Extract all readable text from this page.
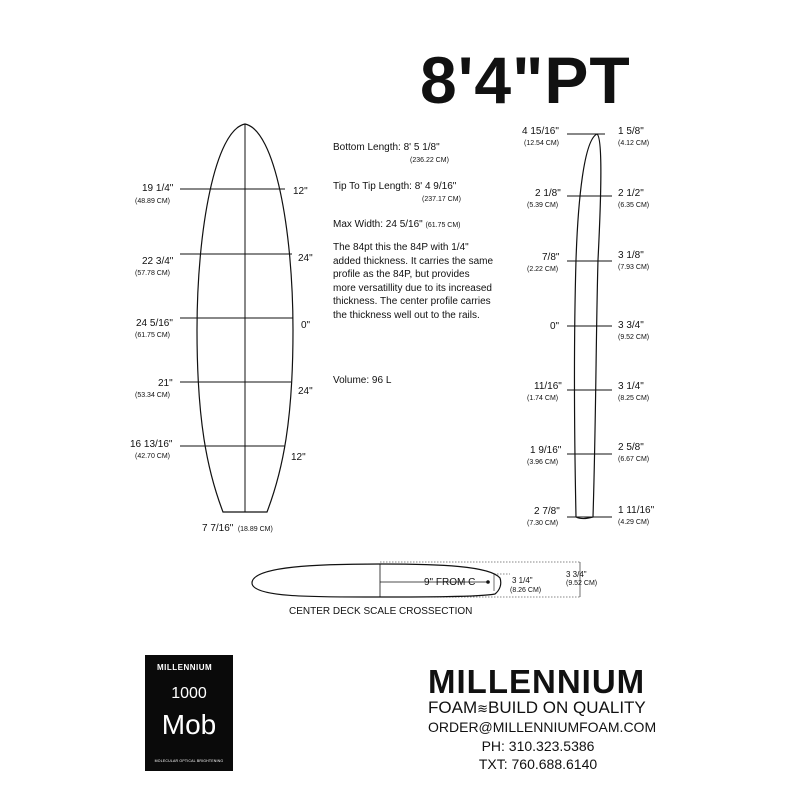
8'4"PT
19 1/4"
(48.89 CM)
12"
22 3/4"
(57.78 CM)
24"
24 5/16"
(61.75 CM)
0"
21"
(53.34 CM)	24"
16 13/16"
(42.70 CM)	12"
7 7/16" (18.89 CM)
Bottom Length: 8' 5 1/8"
(236.22 CM)
Tip To Tip Length: 8' 4 9/16"
(237.17 CM)
Max Width: 24 5/16" (61.75 CM)
The 84pt this the 84P with 1/4"
added thickness. It carries the same
profile as the 84P, but provides
more versatillity due to its increased
thickness. The center profile carries
the thickness well out to the rails.
Volume: 96 L
4 15/16"
(12.54 CM)
2 1/8"
(5.39 CM)
7/8"
(2.22 CM)
0"
11/16"
(1.74 CM)
1 9/16"
(3.96 CM)
2 7/8"
(7.30 CM)
1 5/8"
(4.12 CM)
2 1/2"
(6.35 CM)
3 1/8"
(7.93 CM)
3 3/4"
(9.52 CM)
3 1/4"
(8.25 CM)
2 5/8"
(6.67 CM)
1 11/16"
(4.29 CM)
9" FROM C	3 1/4"
(8.26 CM)
3 3/4"
(9.52 CM)
CENTER DECK SCALE CROSSECTION
MILLENNIUM
1000
Mob
MOLECULAR OPTICAL BRIGHTENING
MILLENNIUM
FOAM≋BUILD ON QUALITY
ORDER@MILLENNIUMFOAM.COM
PH: 310.323.5386
TXT: 760.688.6140
